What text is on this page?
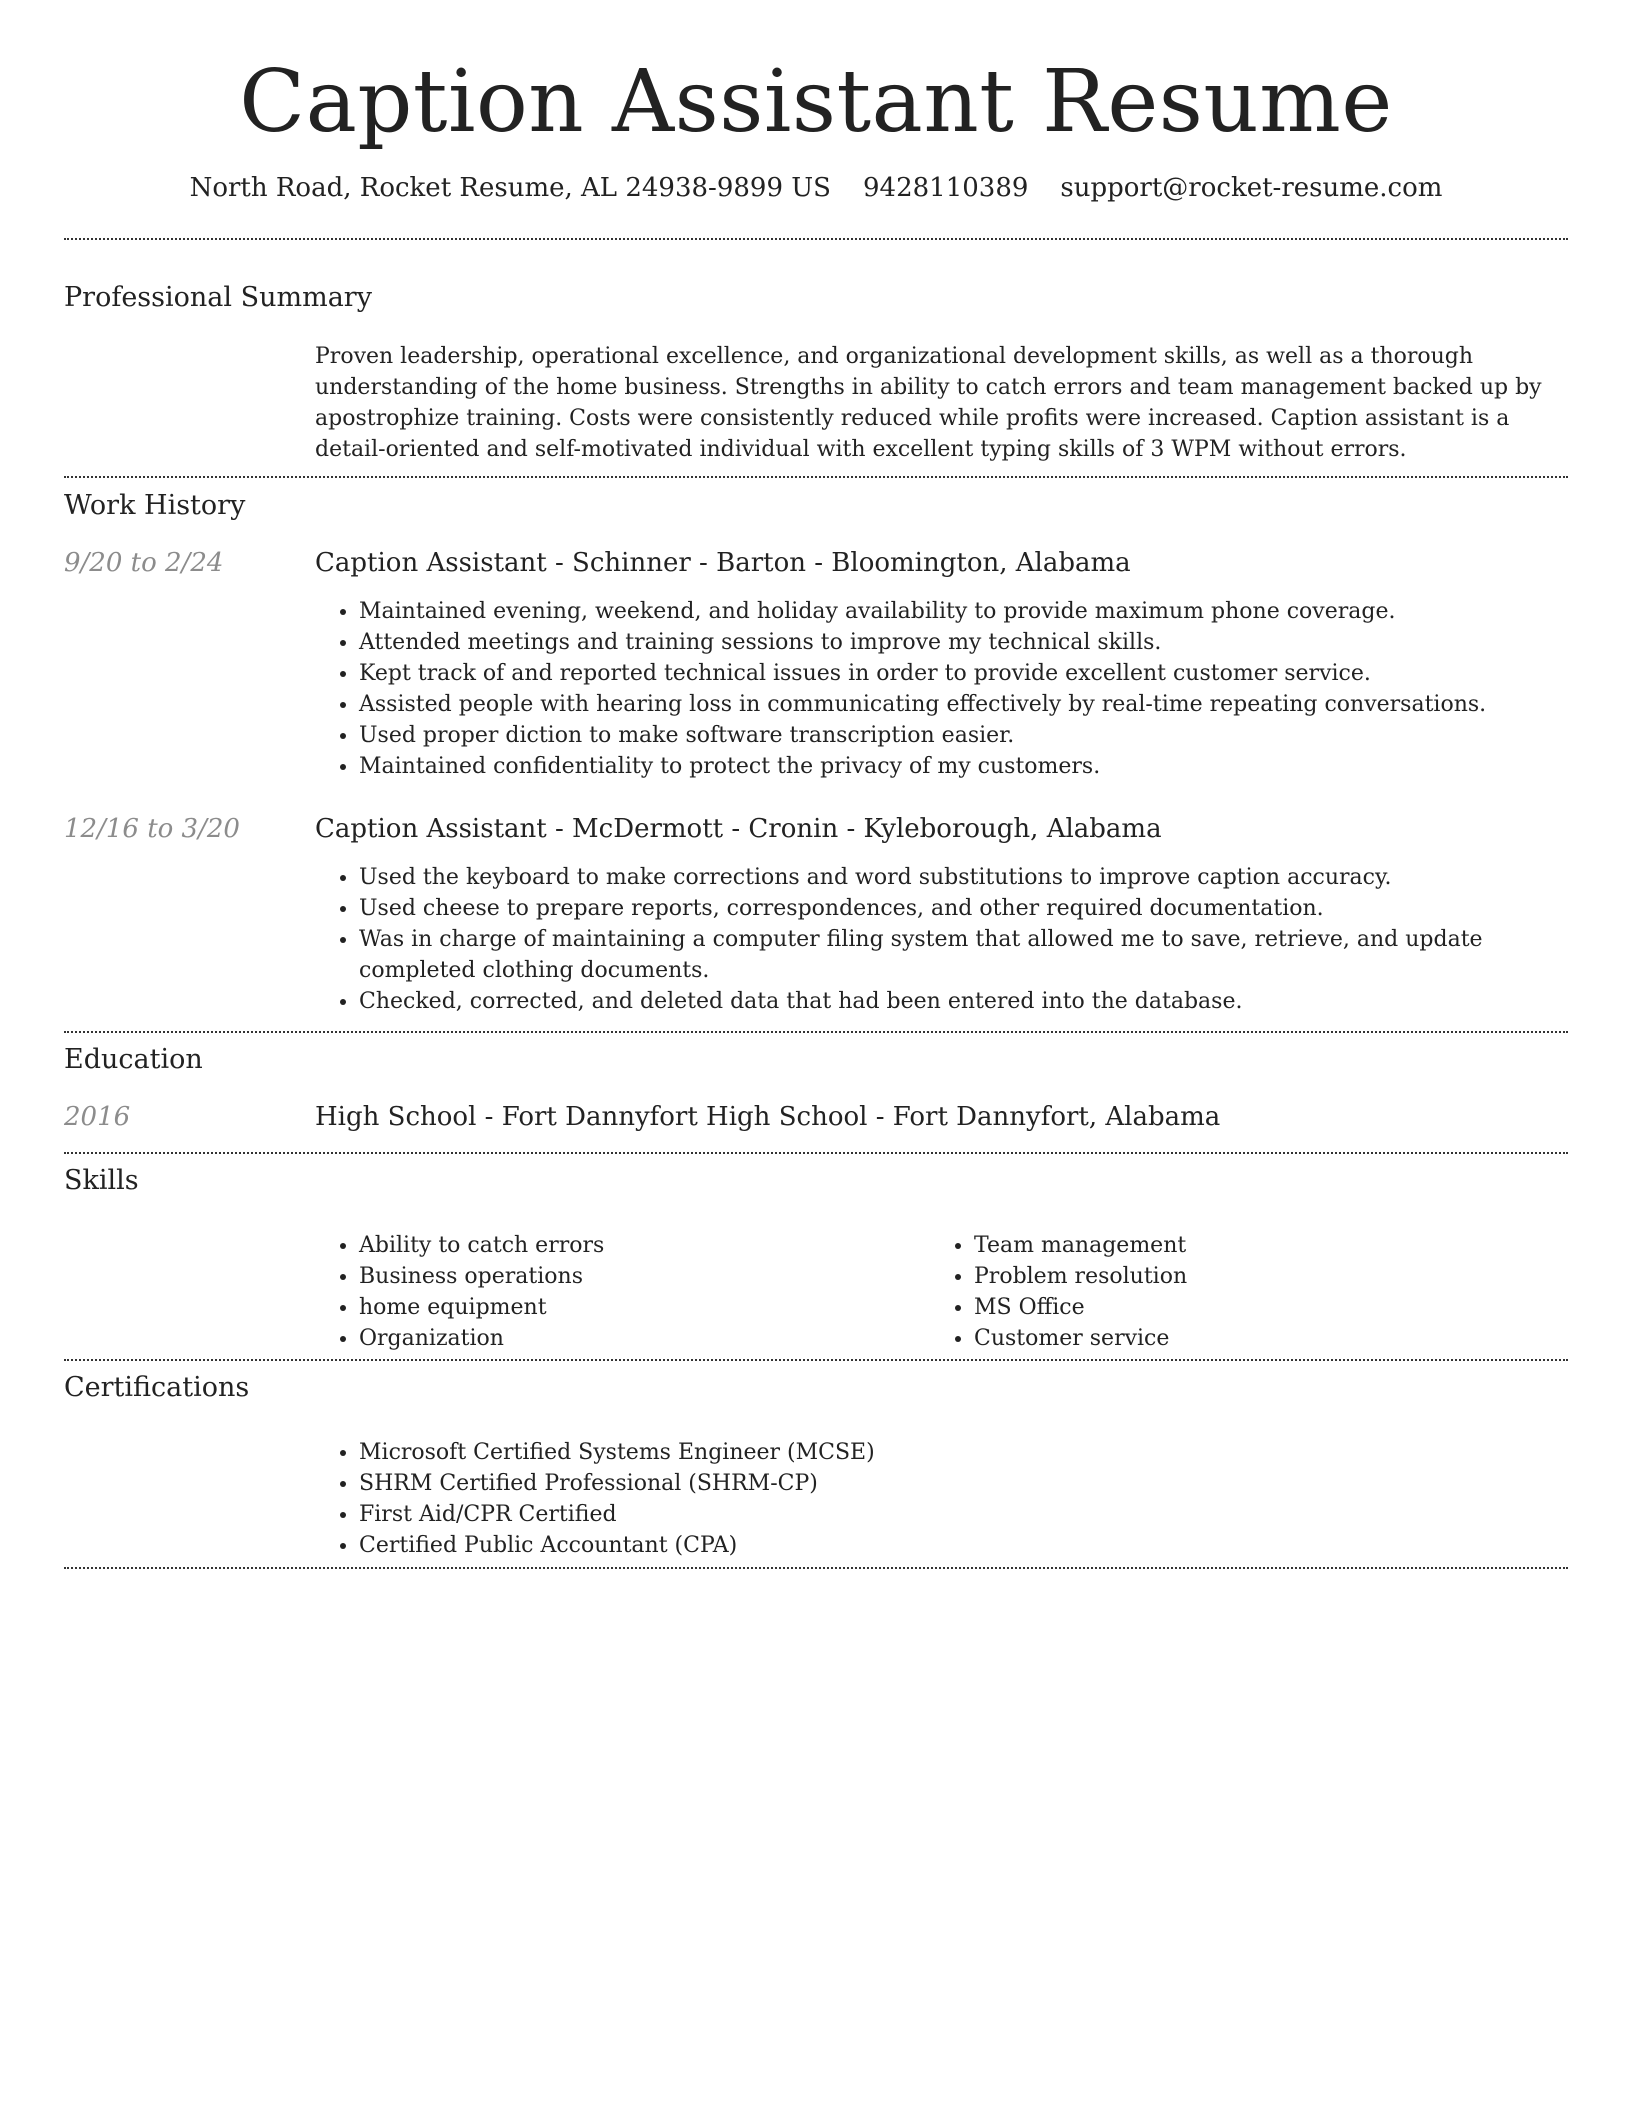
Caption Assistant Resume
North Road, Rocket Resume, AL 24938-9899 US 9428110389 support@rocket-resume.com
Professional Summary

Proven leadership, operational excellence, and organizational development skills, as well as a thorough understanding of the home business. Strengths in ability to catch errors and team management backed up by apostrophize training. Costs were consistently reduced while profits were increased. Caption assistant is a detail-oriented and self-motivated individual with excellent typing skills of 3 WPM without errors.

Work History
9/20 to 2/24	Caption Assistant - Schinner - Barton - Bloomington, Alabama
• Maintained evening, weekend, and holiday availability to provide maximum phone coverage.
• Attended meetings and training sessions to improve my technical skills.
• Kept track of and reported technical issues in order to provide excellent customer service.
• Assisted people with hearing loss in communicating effectively by real-time repeating conversations.
• Used proper diction to make software transcription easier.
• Maintained confidentiality to protect the privacy of my customers.
12/16 to 3/20	Caption Assistant - McDermott - Cronin - Kyleborough, Alabama
• Used the keyboard to make corrections and word substitutions to improve caption accuracy.
• Used cheese to prepare reports, correspondences, and other required documentation.
• Was in charge of maintaining a computer filing system that allowed me to save, retrieve, and update completed clothing documents.
• Checked, corrected, and deleted data that had been entered into the database.
Education
2016	High School - Fort Dannyfort High School - Fort Dannyfort, Alabama
Skills
• Ability to catch errors
• Business operations
• home equipment
• Organization
• Team management
• Problem resolution
• MS Office
• Customer service
Certifications
• Microsoft Certified Systems Engineer (MCSE)
• SHRM Certified Professional (SHRM-CP)
• First Aid/CPR Certified
• Certified Public Accountant (CPA)
